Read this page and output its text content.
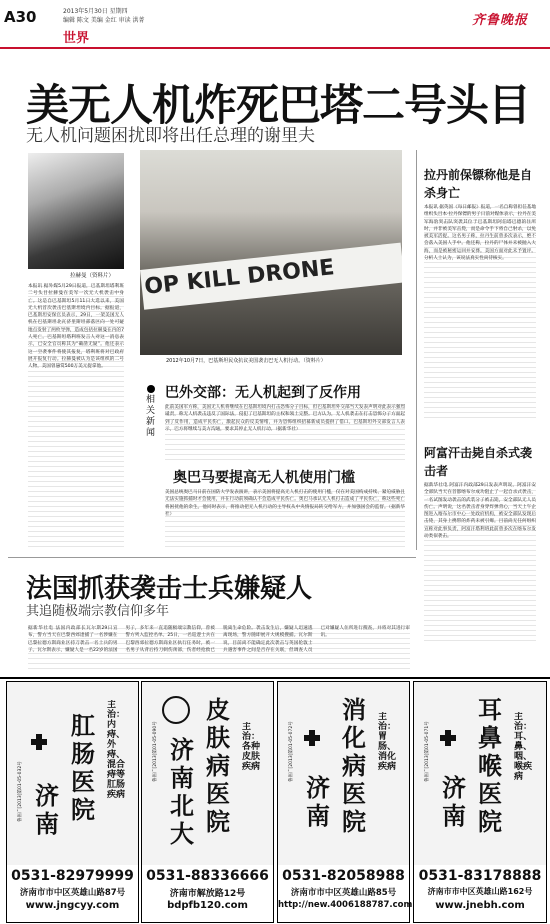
A30	2013年5月30日 星期四
编辑 陈文 美编 金红 审读 洪菁
世界
齐鲁晚报
美无人机炸死巴塔二号头目
无人机问题困扰即将出任总理的谢里夫
拉赫曼（资料片）
本报讯 据外媒5月29日报道，巴基斯坦塔利班二号头目拉赫曼在美军一次无人机袭击中身亡。这是自巴基斯坦5月11日大选以来，美国无人机首次袭击巴基斯坦境内目标。据报道，巴基斯坦安保官员表示，29日，一架美国无人机在巴基斯坦北瓦济里斯坦部落区向一处可疑地点发射了两枚导弹，造成包括拉赫曼在内的7人死亡。巴基斯坦塔利班发言人对这一消息表示，已安全官员称其为“确凿无疑”。他还表示这一空袭事件将使其报复，塔利班将对巴政府展开报复行动。拉赫曼被认为是该组织的二号人物，美国曾悬赏500万美元捉拿他。
OP KILL DRONE
2012年10月7日，巴基斯坦民众抗议美国袭击巴无人机行动。（资料片）
相关新闻
巴外交部：无人机起到了反作用
此前美国军方称，美国无人机将继续在巴基斯坦境内打击恐怖分子目标，但巴基斯坦外交部当天发表声明对此表示强烈谴责，称无人机袭击违反了国际法，侵犯了巴基斯坦的主权和领土完整。巴方认为，无人机袭击在打击恐怖分子方面起到了反作用，造成平民伤亡，激起民众的反美情绪，并为恐怖组织招募新成员提供了借口。巴基斯坦外交部发言人表示，巴方将继续与美方沟通，要求其停止无人机行动。（据新华社）
奥巴马要提高无人机使用门槛
美国总统奥巴马日前在国防大学发表演讲，表示美国将提高无人机打击的使用门槛，仅在对美国构成持续、紧迫威胁且无法实施抓捕时才会使用，并在行动前须确认不会造成平民伤亡。奥巴马承认无人机打击造成了平民伤亡，称这些死亡将困扰他的余生。他同时表示，将推动把无人机行动的主导权从中央情报局转交给军方，并加强国会的监督。（据新华社）
拉丹前保镖称他是自杀身亡
本报讯 据英国《每日邮报》报道，一名自称曾担任基地组织头目本·拉丹保镖的男子日前对媒体表示，拉丹在美军海豹突击队突袭其位于巴基斯坦阿伯塔巴德的住所时，并非被美军击毙，而是命令手下将自己射杀，以免被美军活捉。这名男子称，拉丹生前曾多次表示，绝不会落入美国人手中。他还称，拉丹的尸体并未被抛入大海，而是被秘密运回并安葬。美国方面对此未予置评。分析人士认为，该说法真实性尚待核实。
阿富汗击毙自杀式袭击者
据新华社电 阿富汗内政部29日发表声明说，阿富汗安全部队当天在首都喀布尔成功阻止了一起自杀式袭击，一名试图发动袭击的武装分子被击毙，安全部队无人员伤亡。声明说，这名袭击者身穿炸弹背心，当天上午企图进入喀布尔市中心一处政府机构，被安全部队发现后击毙，其身上携带的炸药未被引爆。目前尚无任何组织宣称对此事负责，阿富汗塔利班此前曾多次在喀布尔发动类似袭击。
法国抓获袭击士兵嫌疑人
其追随极端宗教信仰多年
据新华社电 法国内政部长瓦尔斯29日宣布，警方当天在巴黎西郊逮捕了一名涉嫌在巴黎拉德方斯商业区持刀袭击一名士兵的男子。瓦尔斯表示，嫌疑人是一名22岁的法国男子，多年来一直追随极端宗教信仰，曾被警方列入监控名单。25日，一名巡逻士兵在巴黎西郊拉德方斯商业区执行任务时，被一名男子从背后持刀刺伤颈部，伤者经抢救已脱离生命危险。袭击发生后，嫌疑人迅速逃离现场，警方随即展开大规模搜捕。瓦尔斯说，目前尚不能确定此次袭击与英国伦敦士兵遇害事件之间是否存在关联，但调查人员已对嫌疑人住所进行搜查，并将对其进行审讯。
肛肠医院
济南
主治：内痔、外痔、混合痔等肛肠疾病
鲁医广[2013]第01-05-032号
0531-82979999
济南市市中区英雄山路87号
www.jngcyy.com
皮肤病医院
济南北大
主治：各种皮肤疾病
鲁医广[2013]第01-05-090号
0531-88336666
济南市解放路12号
bdpfb120.com
消化病医院
济南
主治：胃肠、消化疾病
鲁医广[2013]第01-05-072号
0531-82058988
济南市市中区英雄山路85号
http://new.4006188787.com
耳鼻喉医院
济南
主治：耳、鼻、咽、喉疾病
鲁医广[2013]第01-05-071号
0531-83178888
济南市市中区英雄山路162号
www.jnebh.com
